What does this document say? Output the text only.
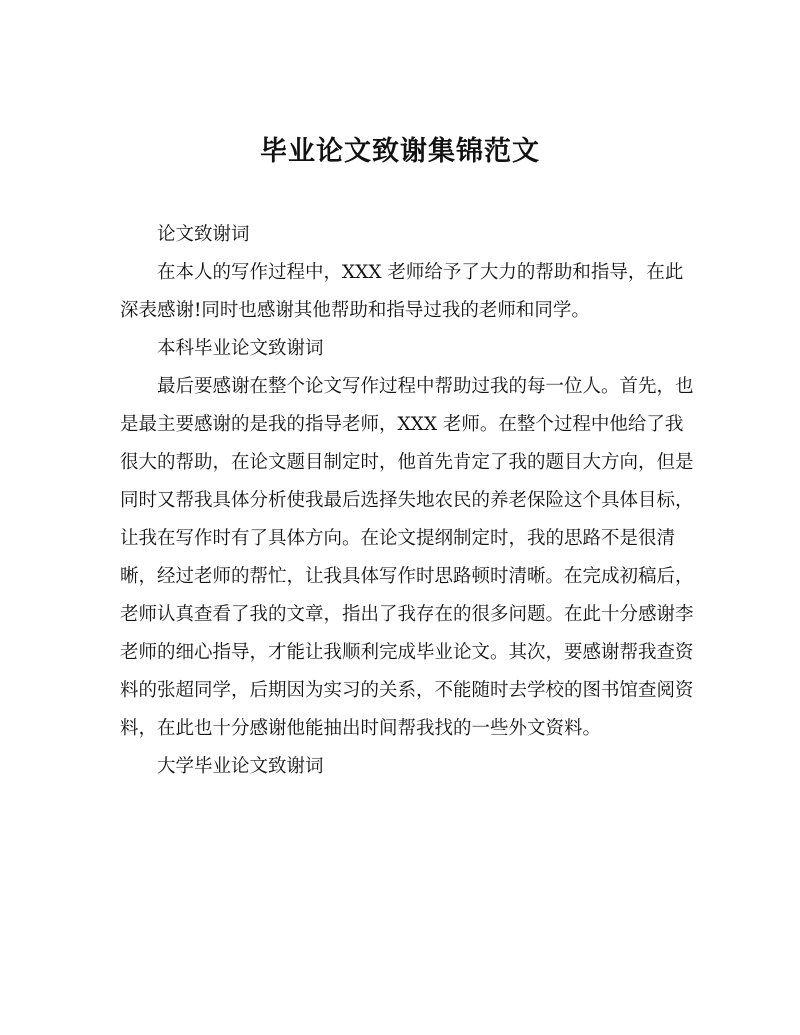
毕业论文致谢集锦范文

论文致谢词

在本人的写作过程中，XXX 老师给予了大力的帮助和指导，在此深表感谢!同时也感谢其他帮助和指导过我的老师和同学。

本科毕业论文致谢词

最后要感谢在整个论文写作过程中帮助过我的每一位人。首先，也是最主要感谢的是我的指导老师，XXX 老师。在整个过程中他给了我很大的帮助，在论文题目制定时，他首先肯定了我的题目大方向，但是同时又帮我具体分析使我最后选择失地农民的养老保险这个具体目标，让我在写作时有了具体方向。在论文提纲制定时，我的思路不是很清晰，经过老师的帮忙，让我具体写作时思路顿时清晰。在完成初稿后，老师认真查看了我的文章，指出了我存在的很多问题。在此十分感谢李老师的细心指导，才能让我顺利完成毕业论文。其次，要感谢帮我查资料的张超同学，后期因为实习的关系，不能随时去学校的图书馆查阅资料，在此也十分感谢他能抽出时间帮我找的一些外文资料。

大学毕业论文致谢词
